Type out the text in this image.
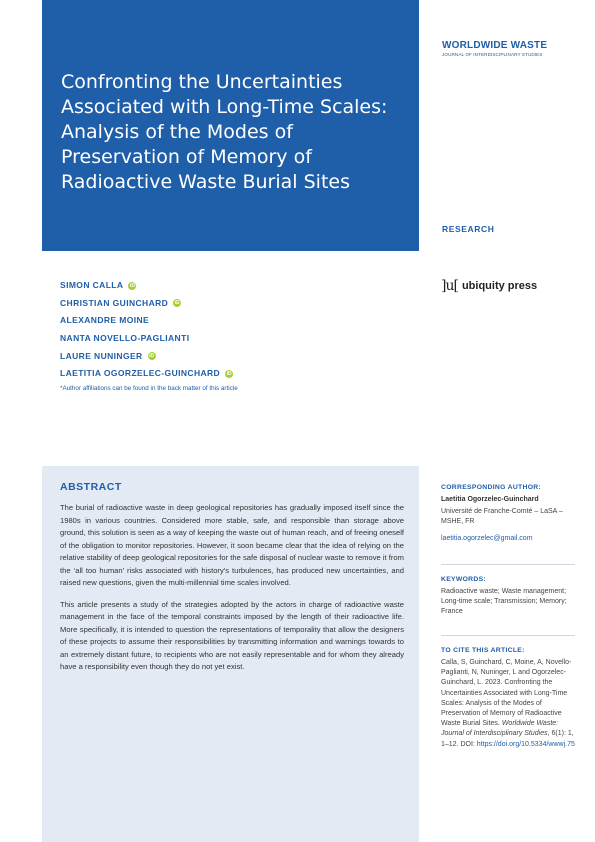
Confronting the Uncertainties Associated with Long-Time Scales: Analysis of the Modes of Preservation of Memory of Radioactive Waste Burial Sites
WORLDWIDE WASTE
JOURNAL OF INTERDISCIPLINARY STUDIES
RESEARCH
SIMON CALLA	iD
CHRISTIAN GUINCHARD	iD
ALEXANDRE MOINE
NANTA NOVELLO-PAGLIANTI
LAURE NUNINGER	iD
LAETITIA OGORZELEC-GUINCHARD	iD
*Author affiliations can be found in the back matter of this article
]u[ ubiquity press
ABSTRACT

The burial of radioactive waste in deep geological repositories has gradually imposed itself since the 1980s in various countries. Considered more stable, safe, and responsible than storage above ground, this solution is seen as a way of keeping the waste out of human reach, and of freeing oneself of the obligation to monitor repositories. However, it soon became clear that the idea of relying on the relative stability of deep geological repositories for the safe disposal of nuclear waste to remove it from the ‘all too human’ risks associated with history's turbulences, has produced new uncertainties, and raised new questions, given the multi-millennial time scales involved.

This article presents a study of the strategies adopted by the actors in charge of radioactive waste management in the face of the temporal constraints imposed by the length of their radioactive life. More specifically, it is intended to question the representations of temporality that allow the designers of these projects to assume their responsibilities by transmitting information and warnings towards to an extremely distant future, to recipients who are not easily representable and for whom they already have a responsibility even though they do not yet exist.

CORRESPONDING AUTHOR:
Laetitia Ogorzelec-Guinchard
Université de Franche-Comté – LaSA – MSHE, FR
laetitia.ogorzelec@gmail.com
KEYWORDS:
Radioactive waste; Waste management; Long-time scale; Transmission; Memory; France
TO CITE THIS ARTICLE:
Calla, S, Guinchard, C, Moine, A, Novello-Paglianti, N, Nuninger, L and Ogorzelec-Guinchard, L. 2023. Confronting the Uncertainties Associated with Long-Time Scales: Analysis of the Modes of Preservation of Memory of Radioactive Waste Burial Sites. Worldwide Waste: Journal of Interdisciplinary Studies, 6(1): 1, 1–12. DOI: https://doi.org/10.5334/wwwj.75
